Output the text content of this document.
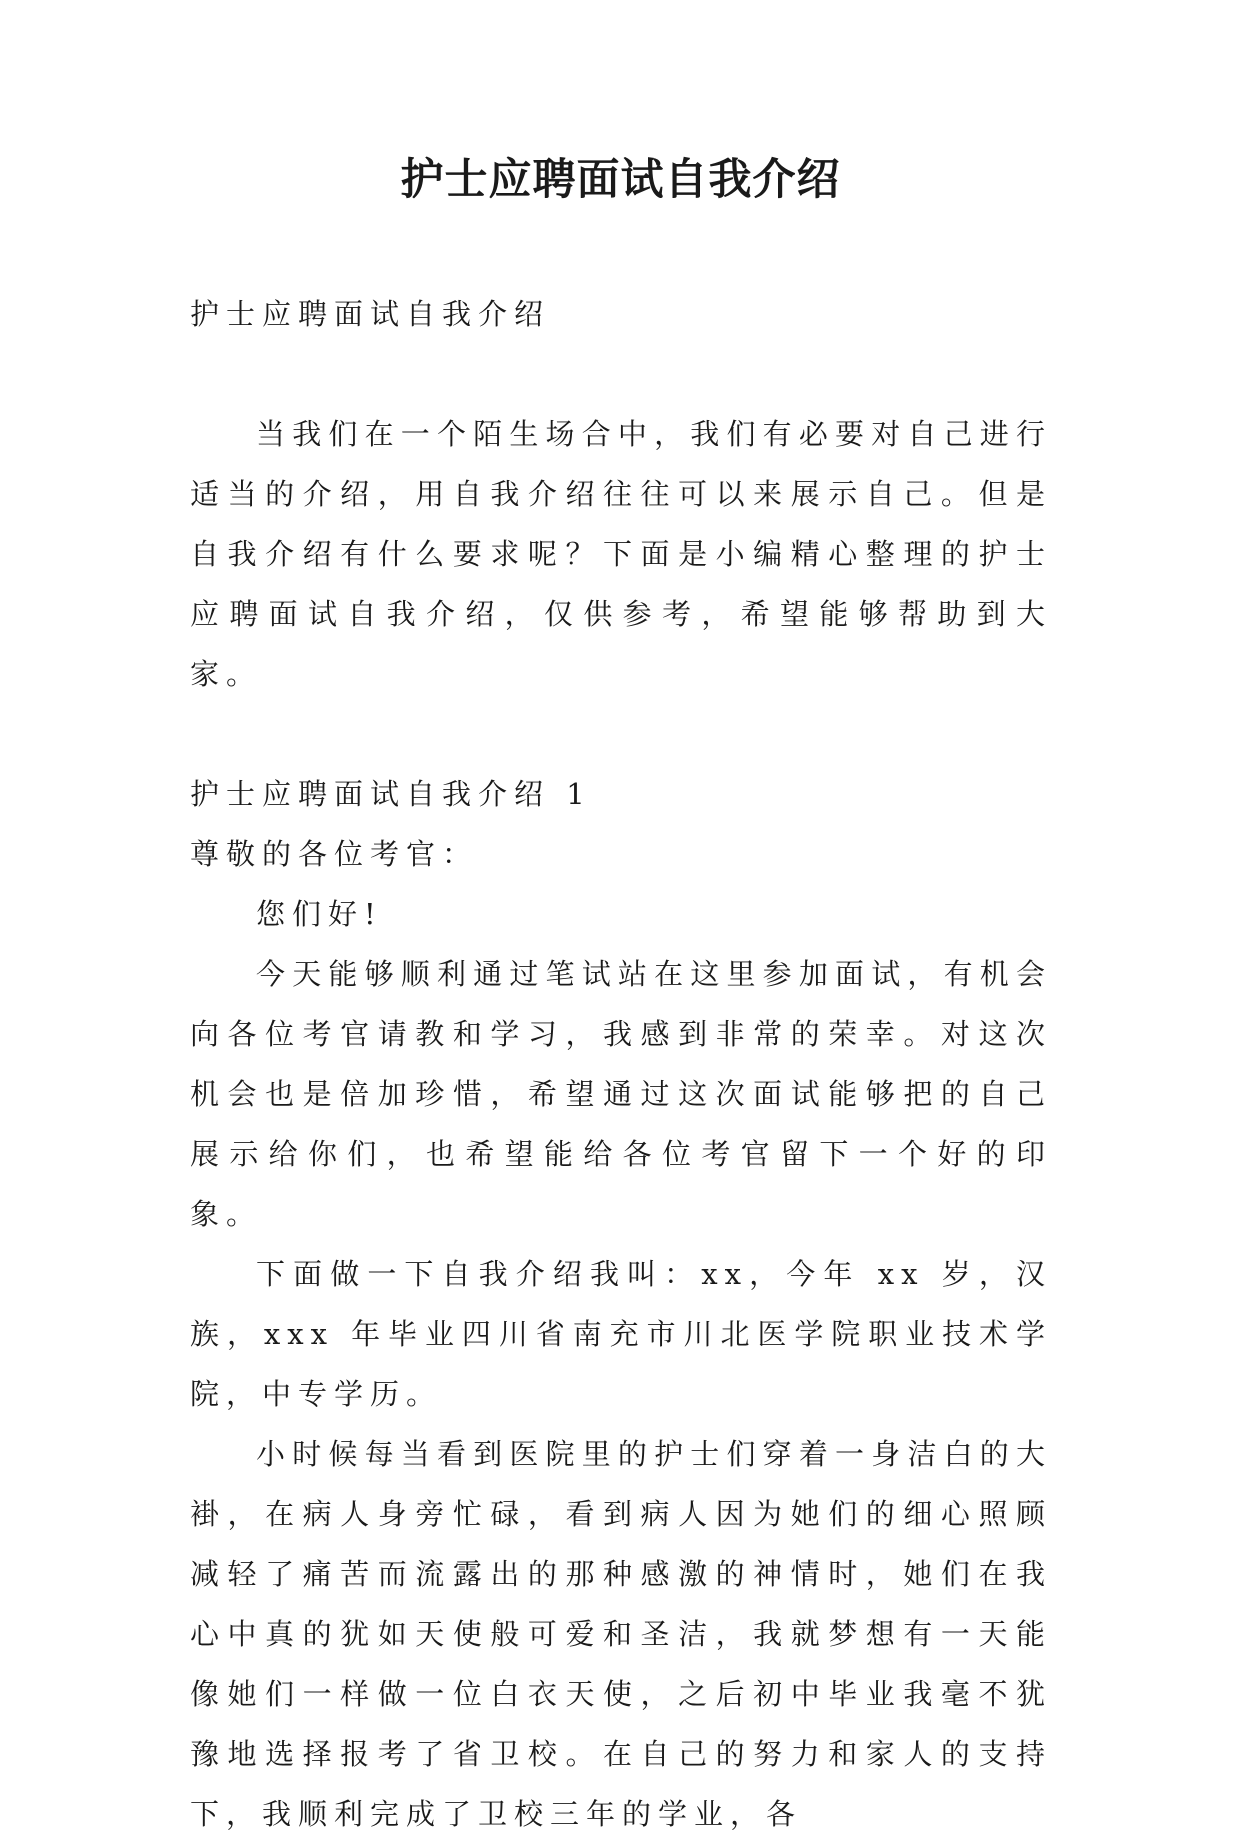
护士应聘面试自我介绍

护士应聘面试自我介绍

当我们在一个陌生场合中，我们有必要对自己进行适当的介绍，用自我介绍往往可以来展示自己。但是自我介绍有什么要求呢？下面是小编精心整理的护士应聘面试自我介绍，仅供参考，希望能够帮助到大家。

护士应聘面试自我介绍 1

尊敬的各位考官：

您们好!

今天能够顺利通过笔试站在这里参加面试，有机会向各位考官请教和学习，我感到非常的荣幸。对这次机会也是倍加珍惜，希望通过这次面试能够把的自己展示给你们，也希望能给各位考官留下一个好的印象。

下面做一下自我介绍我叫：xx，今年 xx 岁，汉族，xxx 年毕业四川省南充市川北医学院职业技术学院，中专学历。

小时候每当看到医院里的护士们穿着一身洁白的大褂，在病人身旁忙碌，看到病人因为她们的细心照顾减轻了痛苦而流露出的那种感激的神情时，她们在我心中真的犹如天使般可爱和圣洁，我就梦想有一天能像她们一样做一位白衣天使，之后初中毕业我毫不犹豫地选择报考了省卫校。在自己的努力和家人的支持下，我顺利完成了卫校三年的学业，各
